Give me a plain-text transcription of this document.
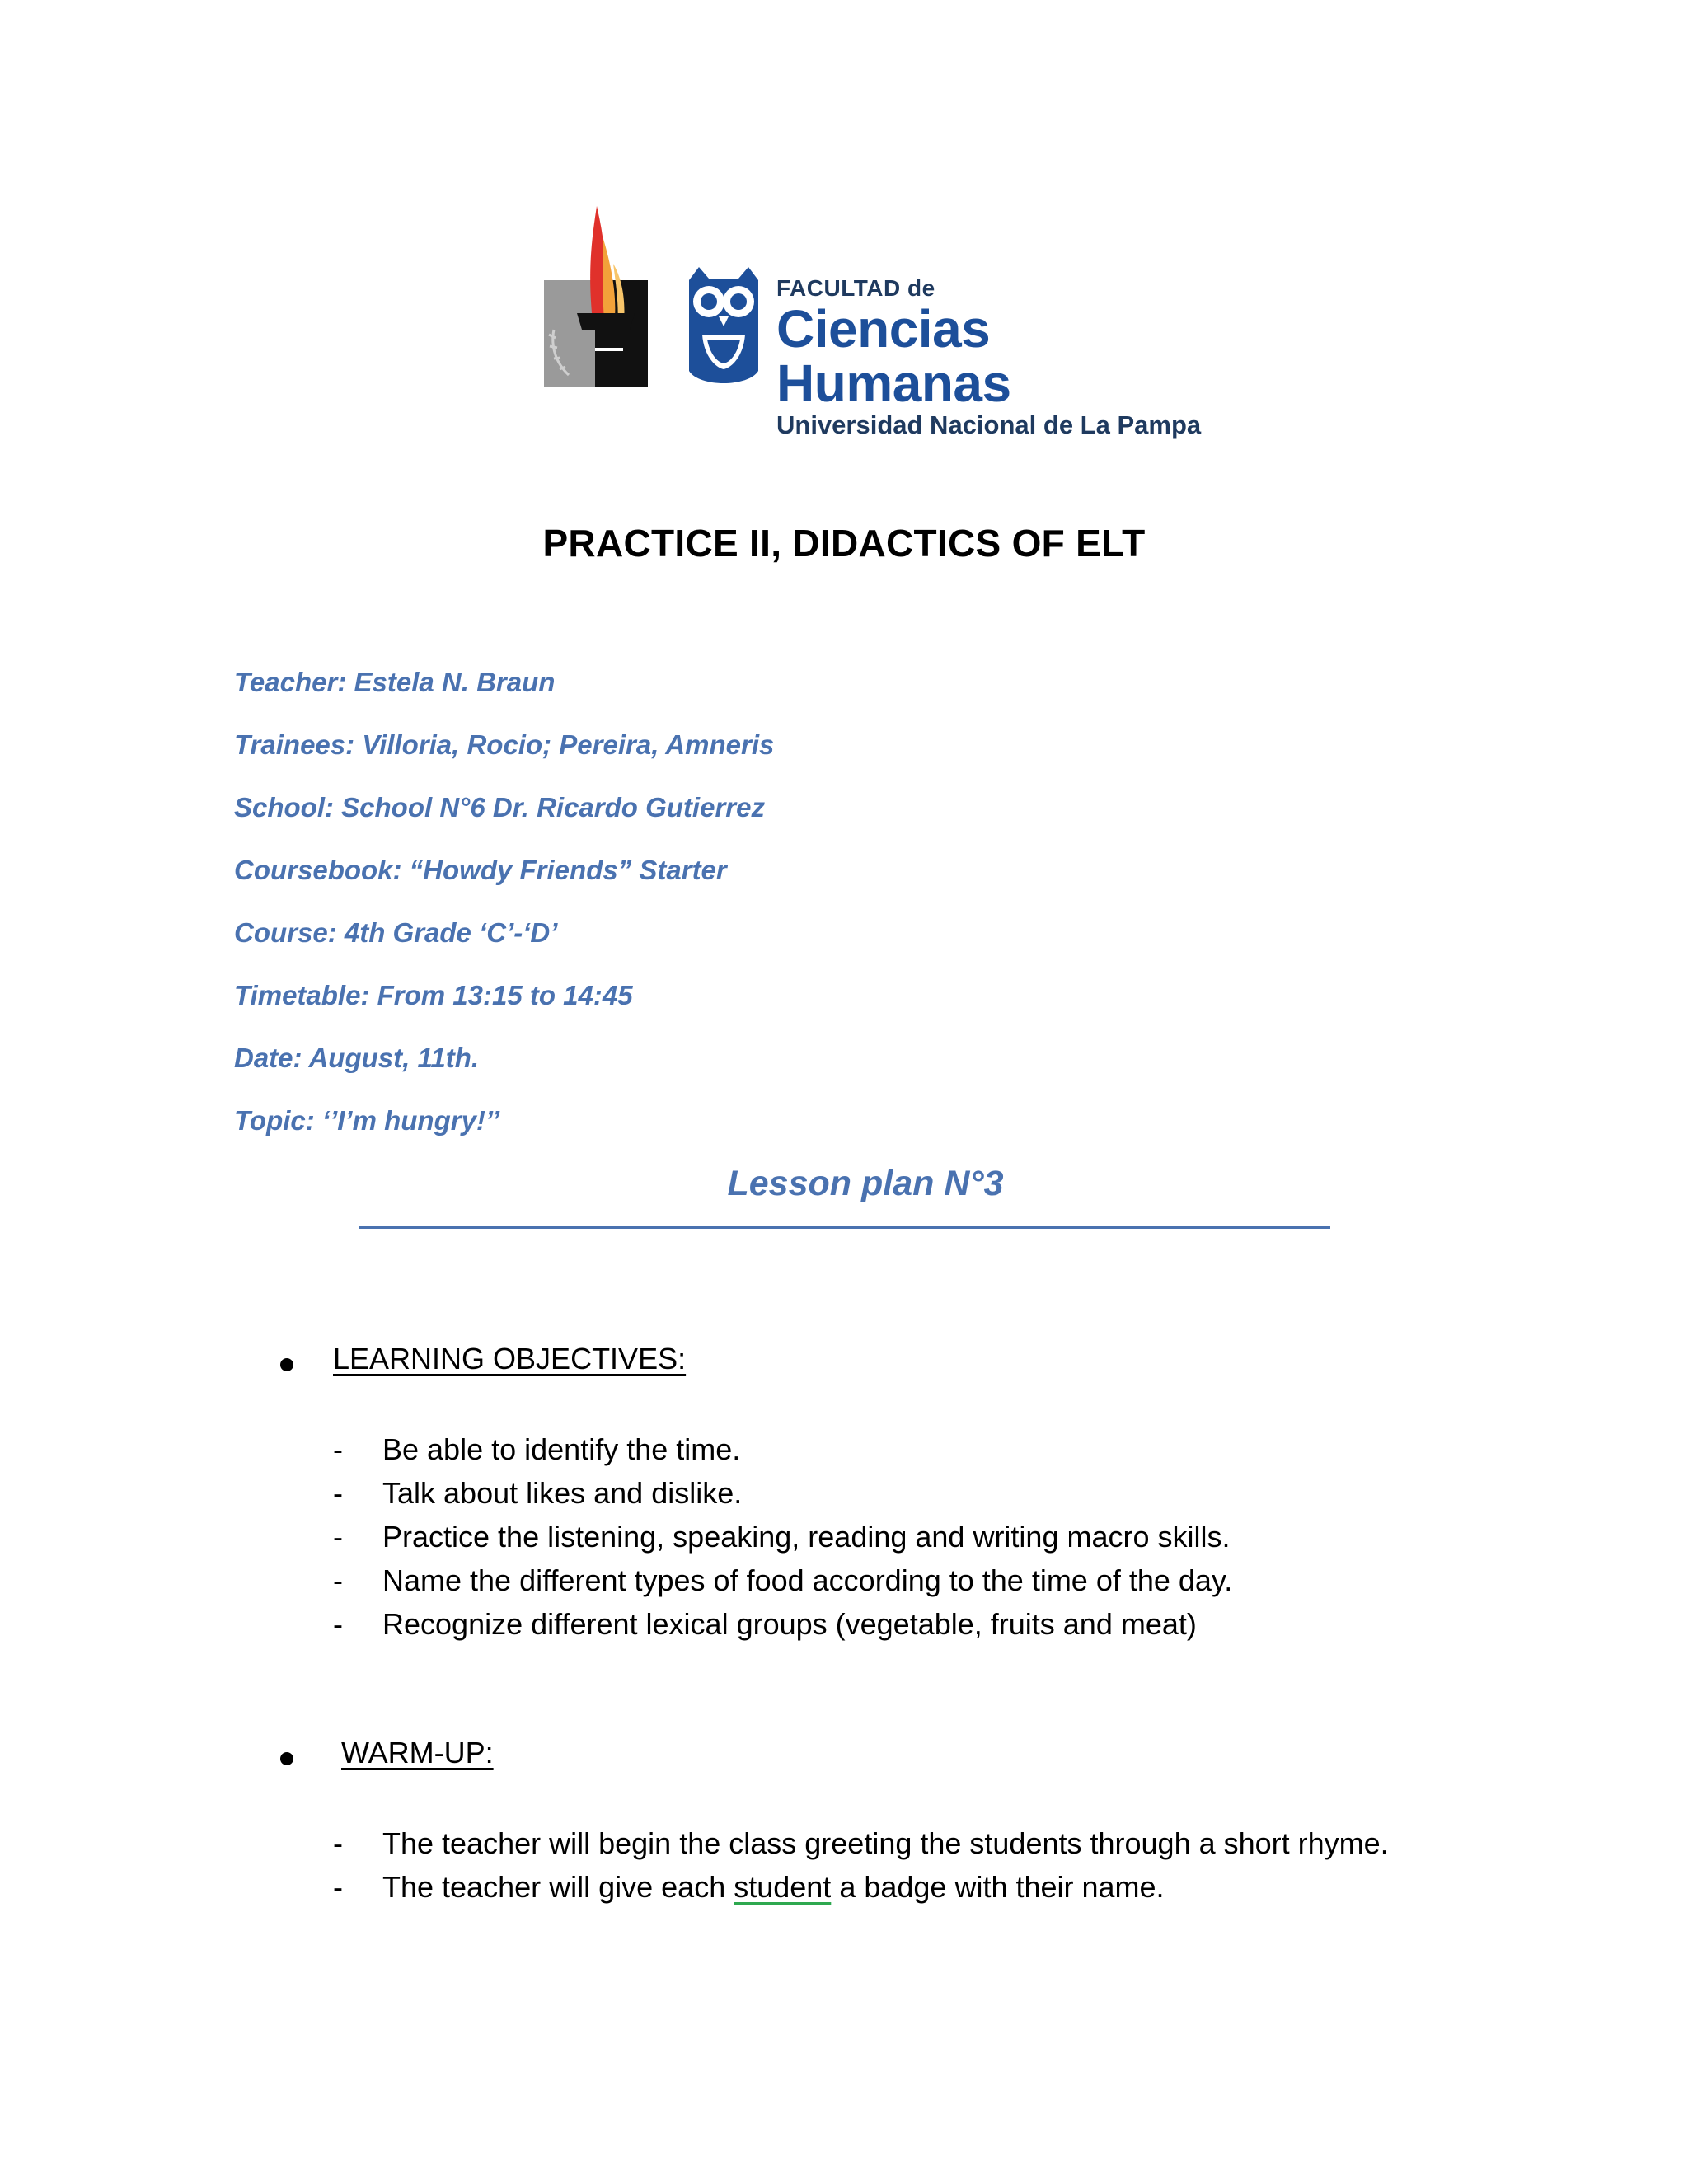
FACULTAD de
Ciencias Humanas
Universidad Nacional de La Pampa
PRACTICE II, DIDACTICS OF ELT
Teacher: Estela N. Braun
Trainees: Villoria, Rocio; Pereira, Amneris
School: School N°6 Dr. Ricardo Gutierrez
Coursebook: “Howdy Friends” Starter
Course: 4th Grade ‘C’-‘D’
Timetable: From 13:15 to 14:45
Date: August, 11th.
Topic: ‘’I’m hungry!’’
Lesson plan N°3
LEARNING OBJECTIVES:
- Be able to identify the time.
- Talk about likes and dislike.
- Practice the listening, speaking, reading and writing macro skills.
- Name the different types of food according to the time of the day.
- Recognize different lexical groups (vegetable, fruits and meat)
WARM-UP:
- The teacher will begin the class greeting the students through a short rhyme.
- The teacher will give each student a badge with their name.
